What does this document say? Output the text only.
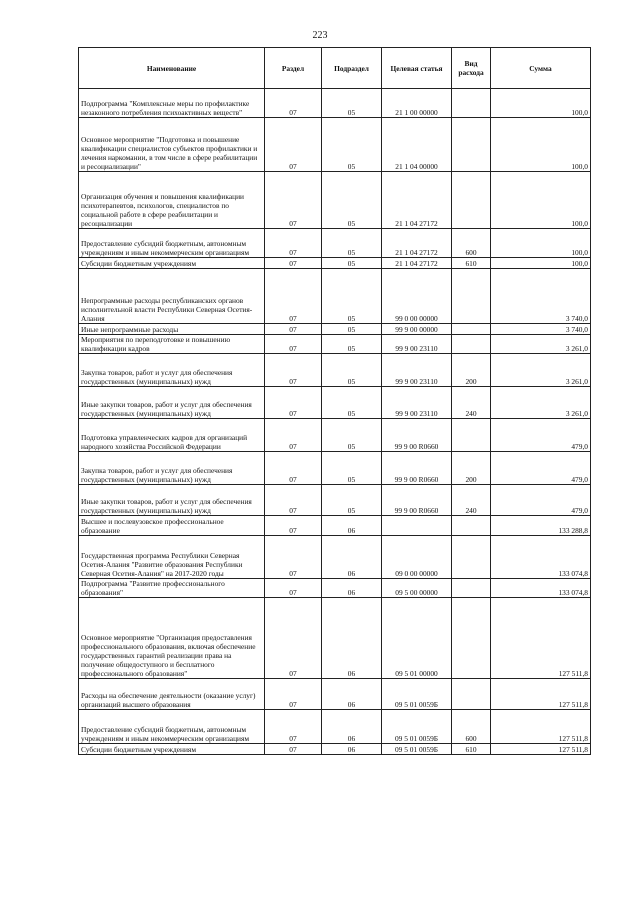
223
Наименование	Раздел	Подраздел	Целевая статья	Вид расхода	Сумма
Подпрограмма "Комплексные меры по профилактике незаконного потребления психоактивных веществ"	07	05	21 1 00 00000		100,0
Основное мероприятие "Подготовка и повышение квалификации специалистов субъектов профилактики и лечения наркомании, в том числе в сфере реабилитации и ресоциализации"	07	05	21 1 04 00000		100,0
Организация обучения и повышения квалификации психотерапевтов, психологов, специалистов по социальной работе в сфере реабилитации и ресоциализации	07	05	21 1 04 27172		100,0
Предоставление субсидий бюджетным, автономным учреждениям и иным некоммерческим организациям	07	05	21 1 04 27172	600	100,0
Субсидии бюджетным учреждениям	07	05	21 1 04 27172	610	100,0
Непрограммные расходы республиканских органов исполнительной власти Республики Северная Осетия-Алания	07	05	99 0 00 00000		3 740,0
Иные непрограммные расходы	07	05	99 9 00 00000		3 740,0
Мероприятия по переподготовке и повышению квалификации кадров	07	05	99 9 00 23110		3 261,0
Закупка товаров, работ и услуг для обеспечения государственных (муниципальных) нужд	07	05	99 9 00 23110	200	3 261,0
Иные закупки товаров, работ и услуг для обеспечения государственных (муниципальных) нужд	07	05	99 9 00 23110	240	3 261,0
Подготовка управленческих кадров для организаций народного хозяйства Российской Федерации	07	05	99 9 00 R0660		479,0
Закупка товаров, работ и услуг для обеспечения государственных (муниципальных) нужд	07	05	99 9 00 R0660	200	479,0
Иные закупки товаров, работ и услуг для обеспечения государственных (муниципальных) нужд	07	05	99 9 00 R0660	240	479,0
Высшее и послевузовское профессиональное образование	07	06			133 288,8
Государственная программа Республики Северная Осетия-Алания "Развитие образования Республики Северная Осетия-Алания" на 2017-2020 годы	07	06	09 0 00 00000		133 074,8
Подпрограмма "Развитие профессионального образования"	07	06	09 5 00 00000		133 074,8
Основное мероприятие "Организация предоставления профессионального образования, включая обеспечение государственных гарантий реализации права на получение общедоступного и бесплатного профессионального образования"	07	06	09 5 01 00000		127 511,8
Расходы на обеспечение деятельности (оказание услуг) организаций высшего образования	07	06	09 5 01 0059Б		127 511,8
Предоставление субсидий бюджетным, автономным учреждениям и иным некоммерческим организациям	07	06	09 5 01 0059Б	600	127 511,8
Субсидии бюджетным учреждениям	07	06	09 5 01 0059Б	610	127 511,8
